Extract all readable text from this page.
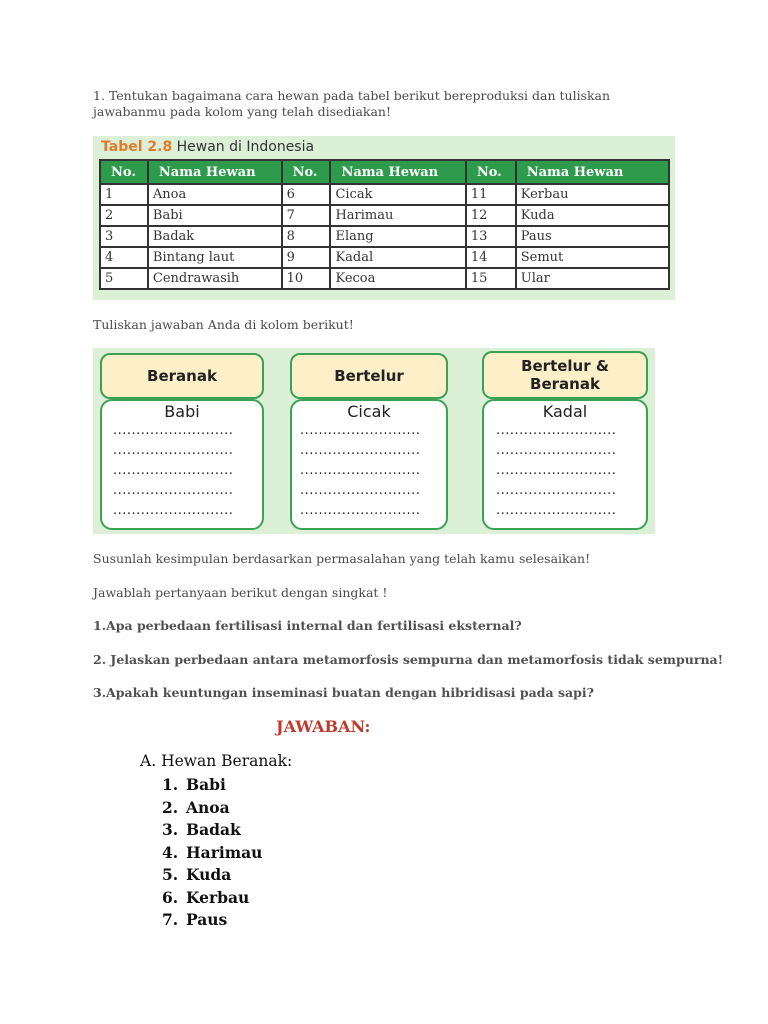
1. Tentukan bagaimana cara hewan pada tabel berikut bereproduksi dan tuliskan jawabanmu pada kolom yang telah disediakan!
Tabel 2.8 Hewan di Indonesia
No.	Nama Hewan	No.	Nama Hewan	No.	Nama Hewan
1	Anoa	6	Cicak	11	Kerbau
2	Babi	7	Harimau	12	Kuda
3	Badak	8	Elang	13	Paus
4	Bintang laut	9	Kadal	14	Semut
5	Cendrawasih	10	Kecoa	15	Ular
Tuliskan jawaban Anda di kolom berikut!
Beranak
Babi
..........................
..........................
..........................
..........................
..........................
Bertelur
Cicak
..........................
..........................
..........................
..........................
..........................
Bertelur & Beranak
Kadal
..........................
..........................
..........................
..........................
..........................
Susunlah kesimpulan berdasarkan permasalahan yang telah kamu selesaikan!
Jawablah pertanyaan berikut dengan singkat !
1.Apa perbedaan fertilisasi internal dan fertilisasi eksternal?
2. Jelaskan perbedaan antara metamorfosis sempurna dan metamorfosis tidak sempurna!
3.Apakah keuntungan inseminasi buatan dengan hibridisasi pada sapi?
JAWABAN:
A. Hewan Beranak:
1. Babi
2. Anoa
3. Badak
4. Harimau
5. Kuda
6. Kerbau
7. Paus
